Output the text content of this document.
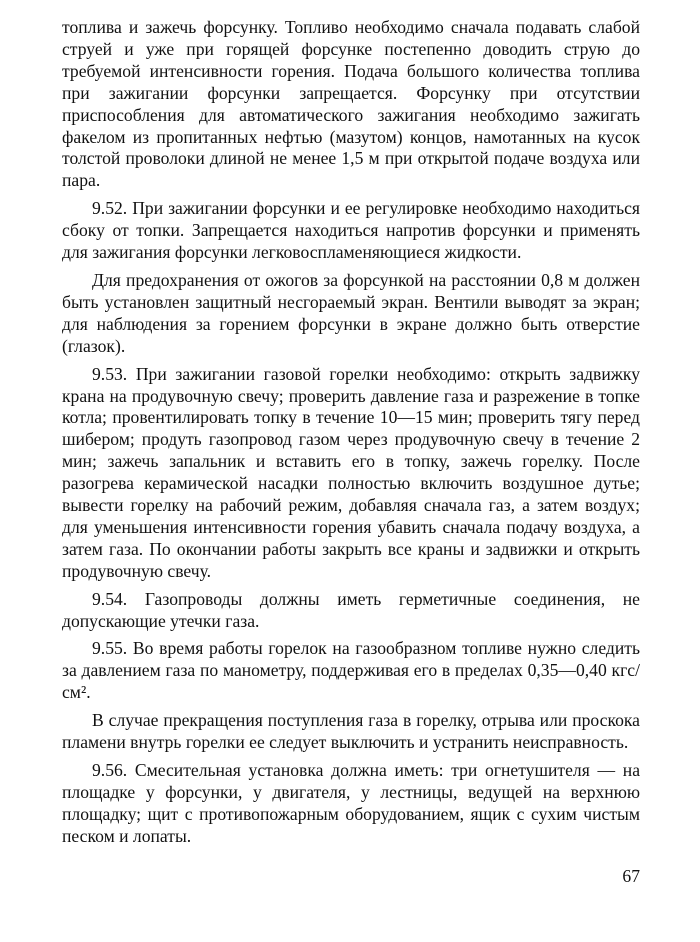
топлива и зажечь форсунку. Топливо необходимо сначала подавать слабой струей и уже при горящей форсунке постепенно доводить струю до требуемой интенсивности горения. Подача большого количества топлива при зажигании форсунки запрещается. Форсунку при отсутствии приспособления для автоматического зажигания необходимо зажигать факелом из пропитанных нефтью (мазутом) концов, намотанных на кусок толстой проволоки длиной не менее 1,5 м при открытой подаче воздуха или пара.

9.52. При зажигании форсунки и ее регулировке необходимо находиться сбоку от топки. Запрещается находиться напротив форсунки и применять для зажигания форсунки легковоспламеняющиеся жидкости.

Для предохранения от ожогов за форсункой на расстоянии 0,8 м должен быть установлен защитный несгораемый экран. Вентили выводят за экран; для наблюдения за горением форсунки в экране должно быть отверстие (глазок).

9.53. При зажигании газовой горелки необходимо: открыть задвижку крана на продувочную свечу; проверить давление газа и разрежение в топке котла; провентилировать топку в течение 10—15 мин; проверить тягу перед шибером; продуть газопровод газом через продувочную свечу в течение 2 мин; зажечь запальник и вставить его в топку, зажечь горелку. После разогрева керамической насадки полностью включить воздушное дутье; вывести горелку на рабочий режим, добавляя сначала газ, а затем воздух; для уменьшения интенсивности горения убавить сначала подачу воздуха, а затем газа. По окончании работы закрыть все краны и задвижки и открыть продувочную свечу.

9.54. Газопроводы должны иметь герметичные соединения, не допускающие утечки газа.

9.55. Во время работы горелок на газообразном топливе нужно следить за давлением газа по манометру, поддерживая его в пределах 0,35—0,40 кгс/см².

В случае прекращения поступления газа в горелку, отрыва или проскока пламени внутрь горелки ее следует выключить и устранить неисправность.

9.56. Смесительная установка должна иметь: три огнетушителя — на площадке у форсунки, у двигателя, у лестницы, ведущей на верхнюю площадку; щит с противопожарным оборудованием, ящик с сухим чистым песком и лопаты.

67
